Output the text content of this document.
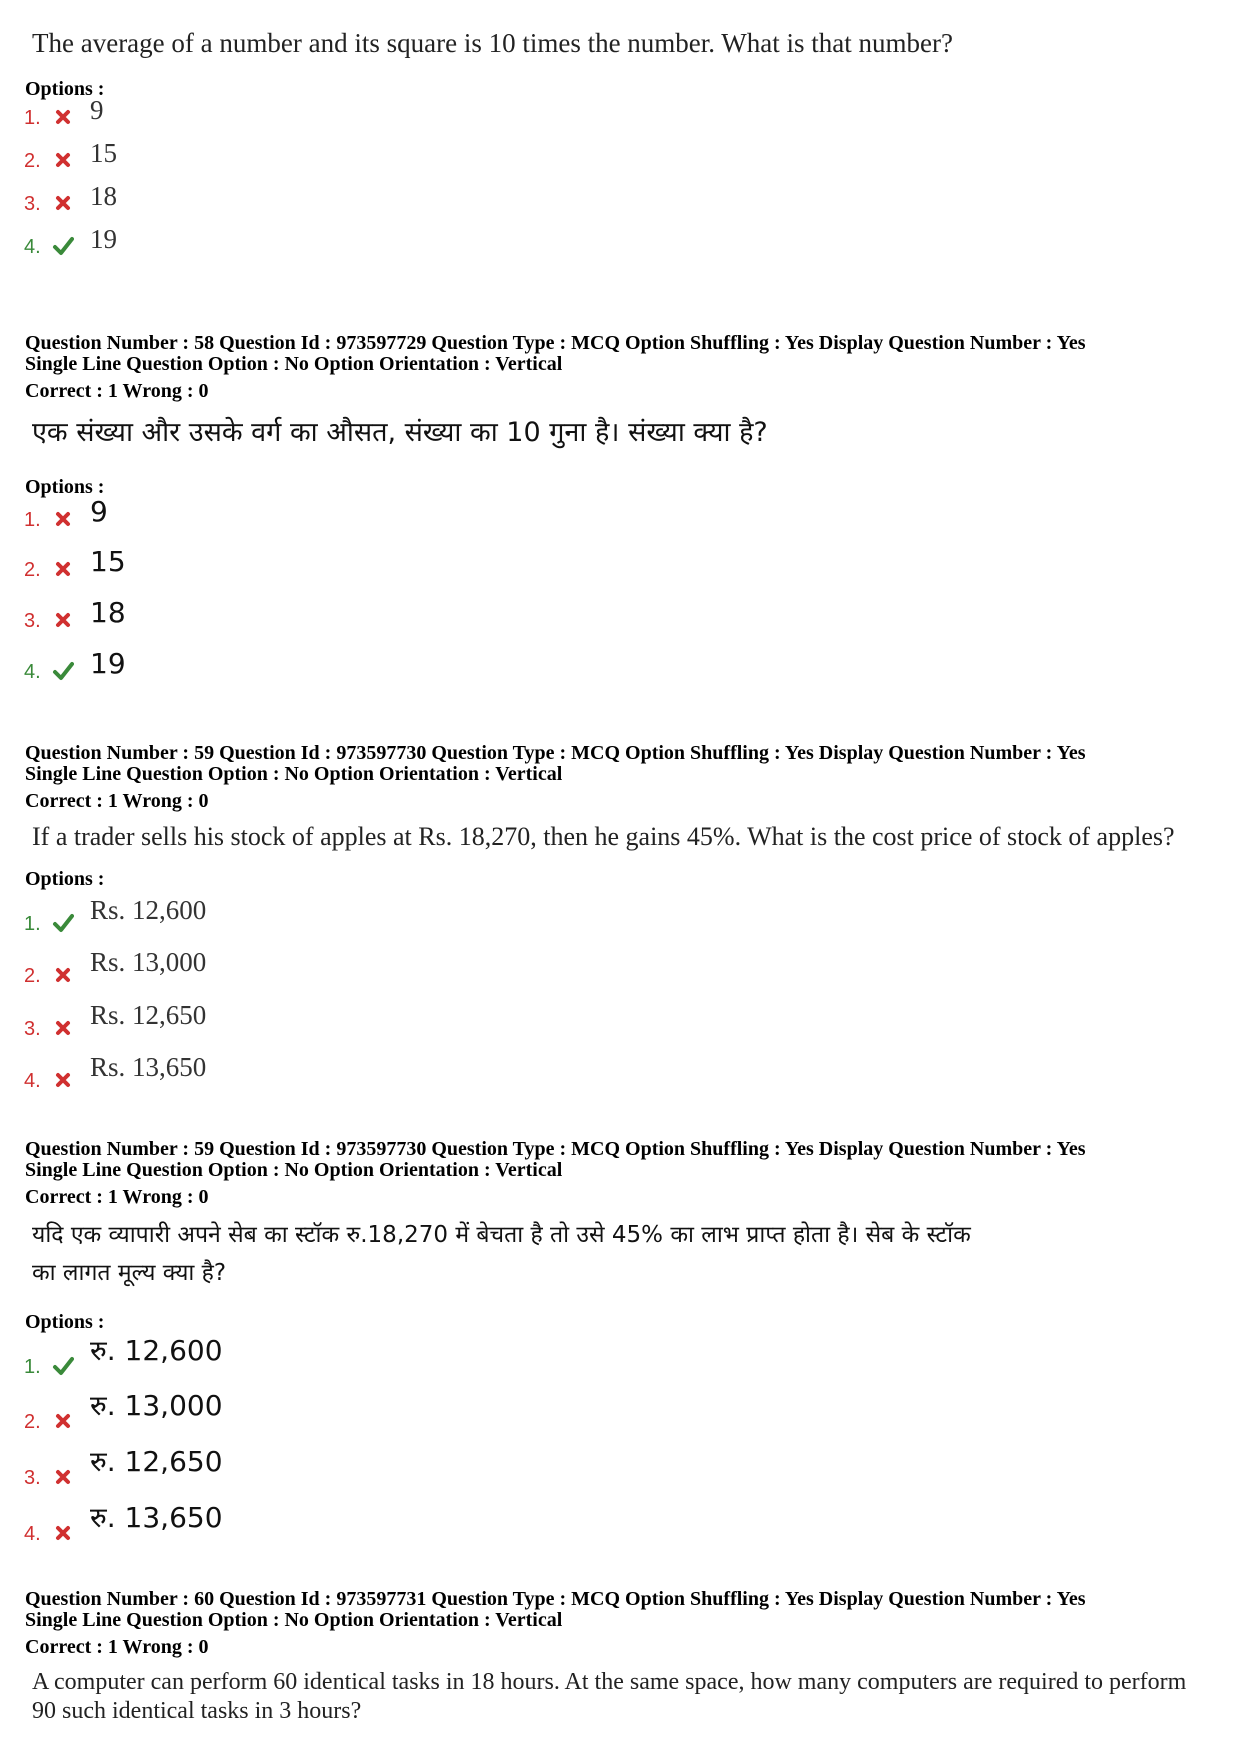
The average of a number and its square is 10 times the number. What is that number?
Options :
1. 9
2. 15
3. 18
4. 19
Question Number : 58 Question Id : 973597729 Question Type : MCQ Option Shuffling : Yes Display Question Number : Yes
Single Line Question Option : No Option Orientation : Vertical
Correct : 1 Wrong : 0
एक संख्या और उसके वर्ग का औसत, संख्या का 10 गुना है। संख्या क्या है?
Options :
1. 9
2. 15
3. 18
4. 19
Question Number : 59 Question Id : 973597730 Question Type : MCQ Option Shuffling : Yes Display Question Number : Yes
Single Line Question Option : No Option Orientation : Vertical
Correct : 1 Wrong : 0
If a trader sells his stock of apples at Rs. 18,270, then he gains 45%. What is the cost price of stock of apples?
Options :
1. Rs. 12,600
2. Rs. 13,000
3. Rs. 12,650
4. Rs. 13,650
Question Number : 59 Question Id : 973597730 Question Type : MCQ Option Shuffling : Yes Display Question Number : Yes
Single Line Question Option : No Option Orientation : Vertical
Correct : 1 Wrong : 0
यदि एक व्यापारी अपने सेब का स्टॉक रु.18,270 में बेचता है तो उसे 45% का लाभ प्राप्त होता है। सेब के स्टॉक
का लागत मूल्य क्या है?
Options :
1. रु. 12,600
2. रु. 13,000
3. रु. 12,650
4. रु. 13,650
Question Number : 60 Question Id : 973597731 Question Type : MCQ Option Shuffling : Yes Display Question Number : Yes
Single Line Question Option : No Option Orientation : Vertical
Correct : 1 Wrong : 0
A computer can perform 60 identical tasks in 18 hours. At the same space, how many computers are required to perform
90 such identical tasks in 3 hours?
